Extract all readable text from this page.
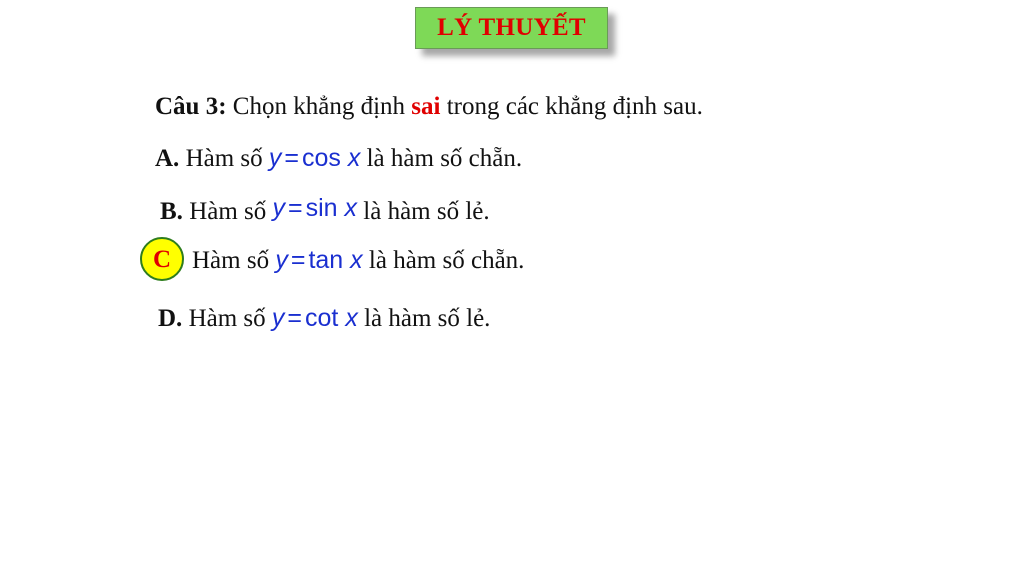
LÝ THUYẾT
Câu 3: Chọn khẳng định sai trong các khẳng định sau.
A. Hàm số y = cos x là hàm số chẵn.
B. Hàm số y = sin x là hàm số lẻ.
C Hàm số y = tan x là hàm số chẵn.
D. Hàm số y = cot x là hàm số lẻ.
